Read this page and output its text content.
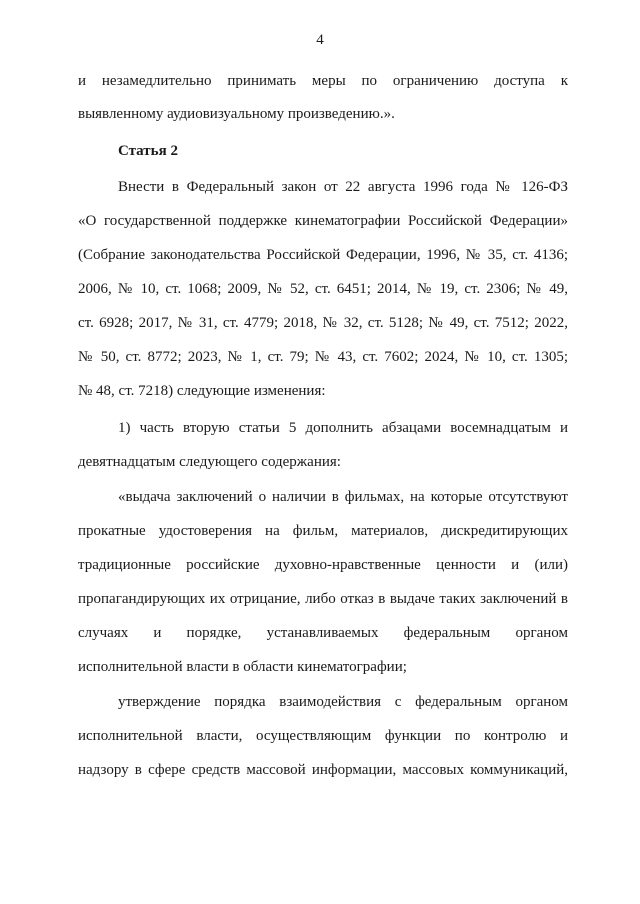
4
и незамедлительно принимать меры по ограничению доступа к
выявленному аудиовизуальному произведению.».
Статья 2
Внести в Федеральный закон от 22 августа 1996 года № 126-ФЗ
«О государственной поддержке кинематографии Российской Федерации»
(Собрание законодательства Российской Федерации, 1996, № 35, ст. 4136;
2006, № 10, ст. 1068; 2009, № 52, ст. 6451; 2014, № 19, ст. 2306; № 49,
ст. 6928; 2017, № 31, ст. 4779; 2018, № 32, ст. 5128; № 49, ст. 7512; 2022,
№ 50, ст. 8772; 2023, № 1, ст. 79; № 43, ст. 7602; 2024, № 10, ст. 1305;
№ 48, ст. 7218) следующие изменения:
1) часть вторую статьи 5 дополнить абзацами восемнадцатым и
девятнадцатым следующего содержания:
«выдача заключений о наличии в фильмах, на которые отсутствуют
прокатные удостоверения на фильм, материалов, дискредитирующих
традиционные российские духовно-нравственные ценности и (или)
пропагандирующих их отрицание, либо отказ в выдаче таких заключений в
случаях и порядке, устанавливаемых федеральным органом
исполнительной власти в области кинематографии;
утверждение порядка взаимодействия с федеральным органом
исполнительной власти, осуществляющим функции по контролю и
надзору в сфере средств массовой информации, массовых коммуникаций,
